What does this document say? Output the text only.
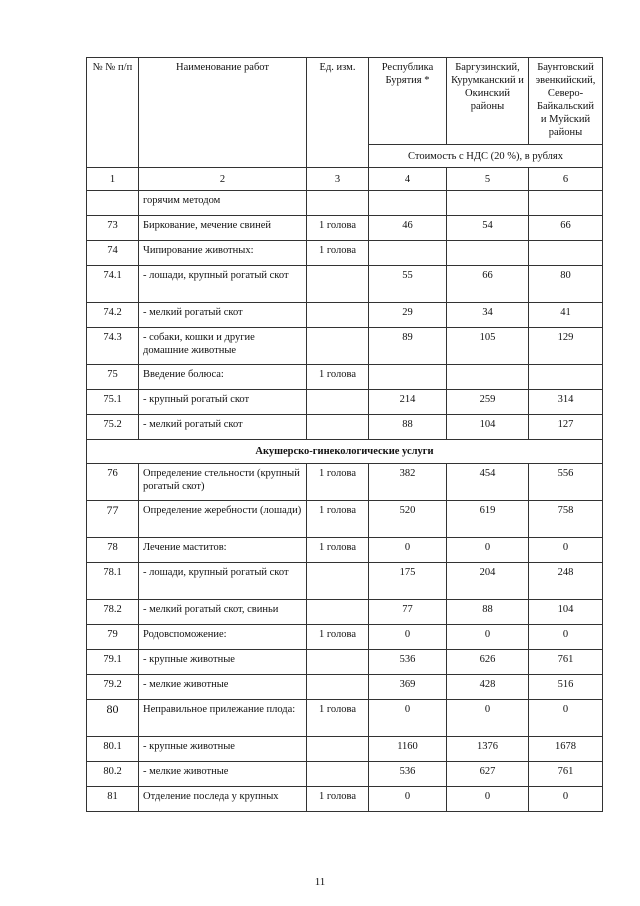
№ № п/п	Наименование работ	Ед. изм.	Республика Бурятия *	Баргузинский, Курумканский и Окинский районы	Баунтовский эвенкийский, Северо-Байкальский и Муйский районы
			Стоимость с НДС (20 %), в рублях		
1	2	3	4	5	6
	горячим методом				
73	Биркование, мечение свиней	1 голова	46	54	66
74	Чипирование животных:	1 голова			
74.1	- лошади, крупный рогатый скот		55	66	80
74.2	- мелкий рогатый скот		29	34	41
74.3	- собаки, кошки и другие домашние животные		89	105	129
75	Введение болюса:	1 голова			
75.1	- крупный рогатый скот		214	259	314
75.2	- мелкий рогатый скот		88	104	127
Акушерско-гинекологические услуги					
76	Определение стельности (крупный рогатый скот)	1 голова	382	454	556
77	Определение жеребности (лошади)	1 голова	520	619	758
78	Лечение маститов:	1 голова	0	0	0
78.1	- лошади, крупный рогатый скот		175	204	248
78.2	- мелкий рогатый скот, свиньи		77	88	104
79	Родовспоможение:	1 голова	0	0	0
79.1	- крупные животные		536	626	761
79.2	- мелкие животные		369	428	516
80	Неправильное прилежание плода:	1 голова	0	0	0
80.1	- крупные животные		1160	1376	1678
80.2	- мелкие животные		536	627	761
81	Отделение последа у крупных	1 голова	0	0	0
11
